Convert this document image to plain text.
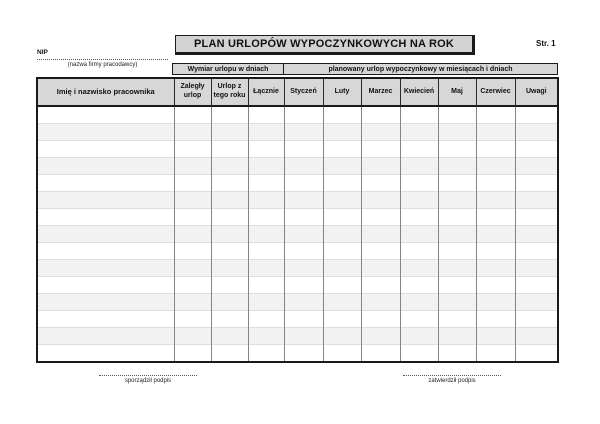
PLAN URLOPÓW WYPOCZYNKOWYCH NA ROK	Str. 1
NIP
(nazwa firmy pracodawcy)
Wymiar urlopu w dniach	planowany urlop wypoczynkowy w miesiącach i dniach
Imię i nazwisko pracownika	Zaległy urlop	Urlop z tego roku	Łącznie	Styczeń	Luty	Marzec	Kwiecień	Maj	Czerwiec	Uwagi

sporządził podpis	zatwierdził podpis
